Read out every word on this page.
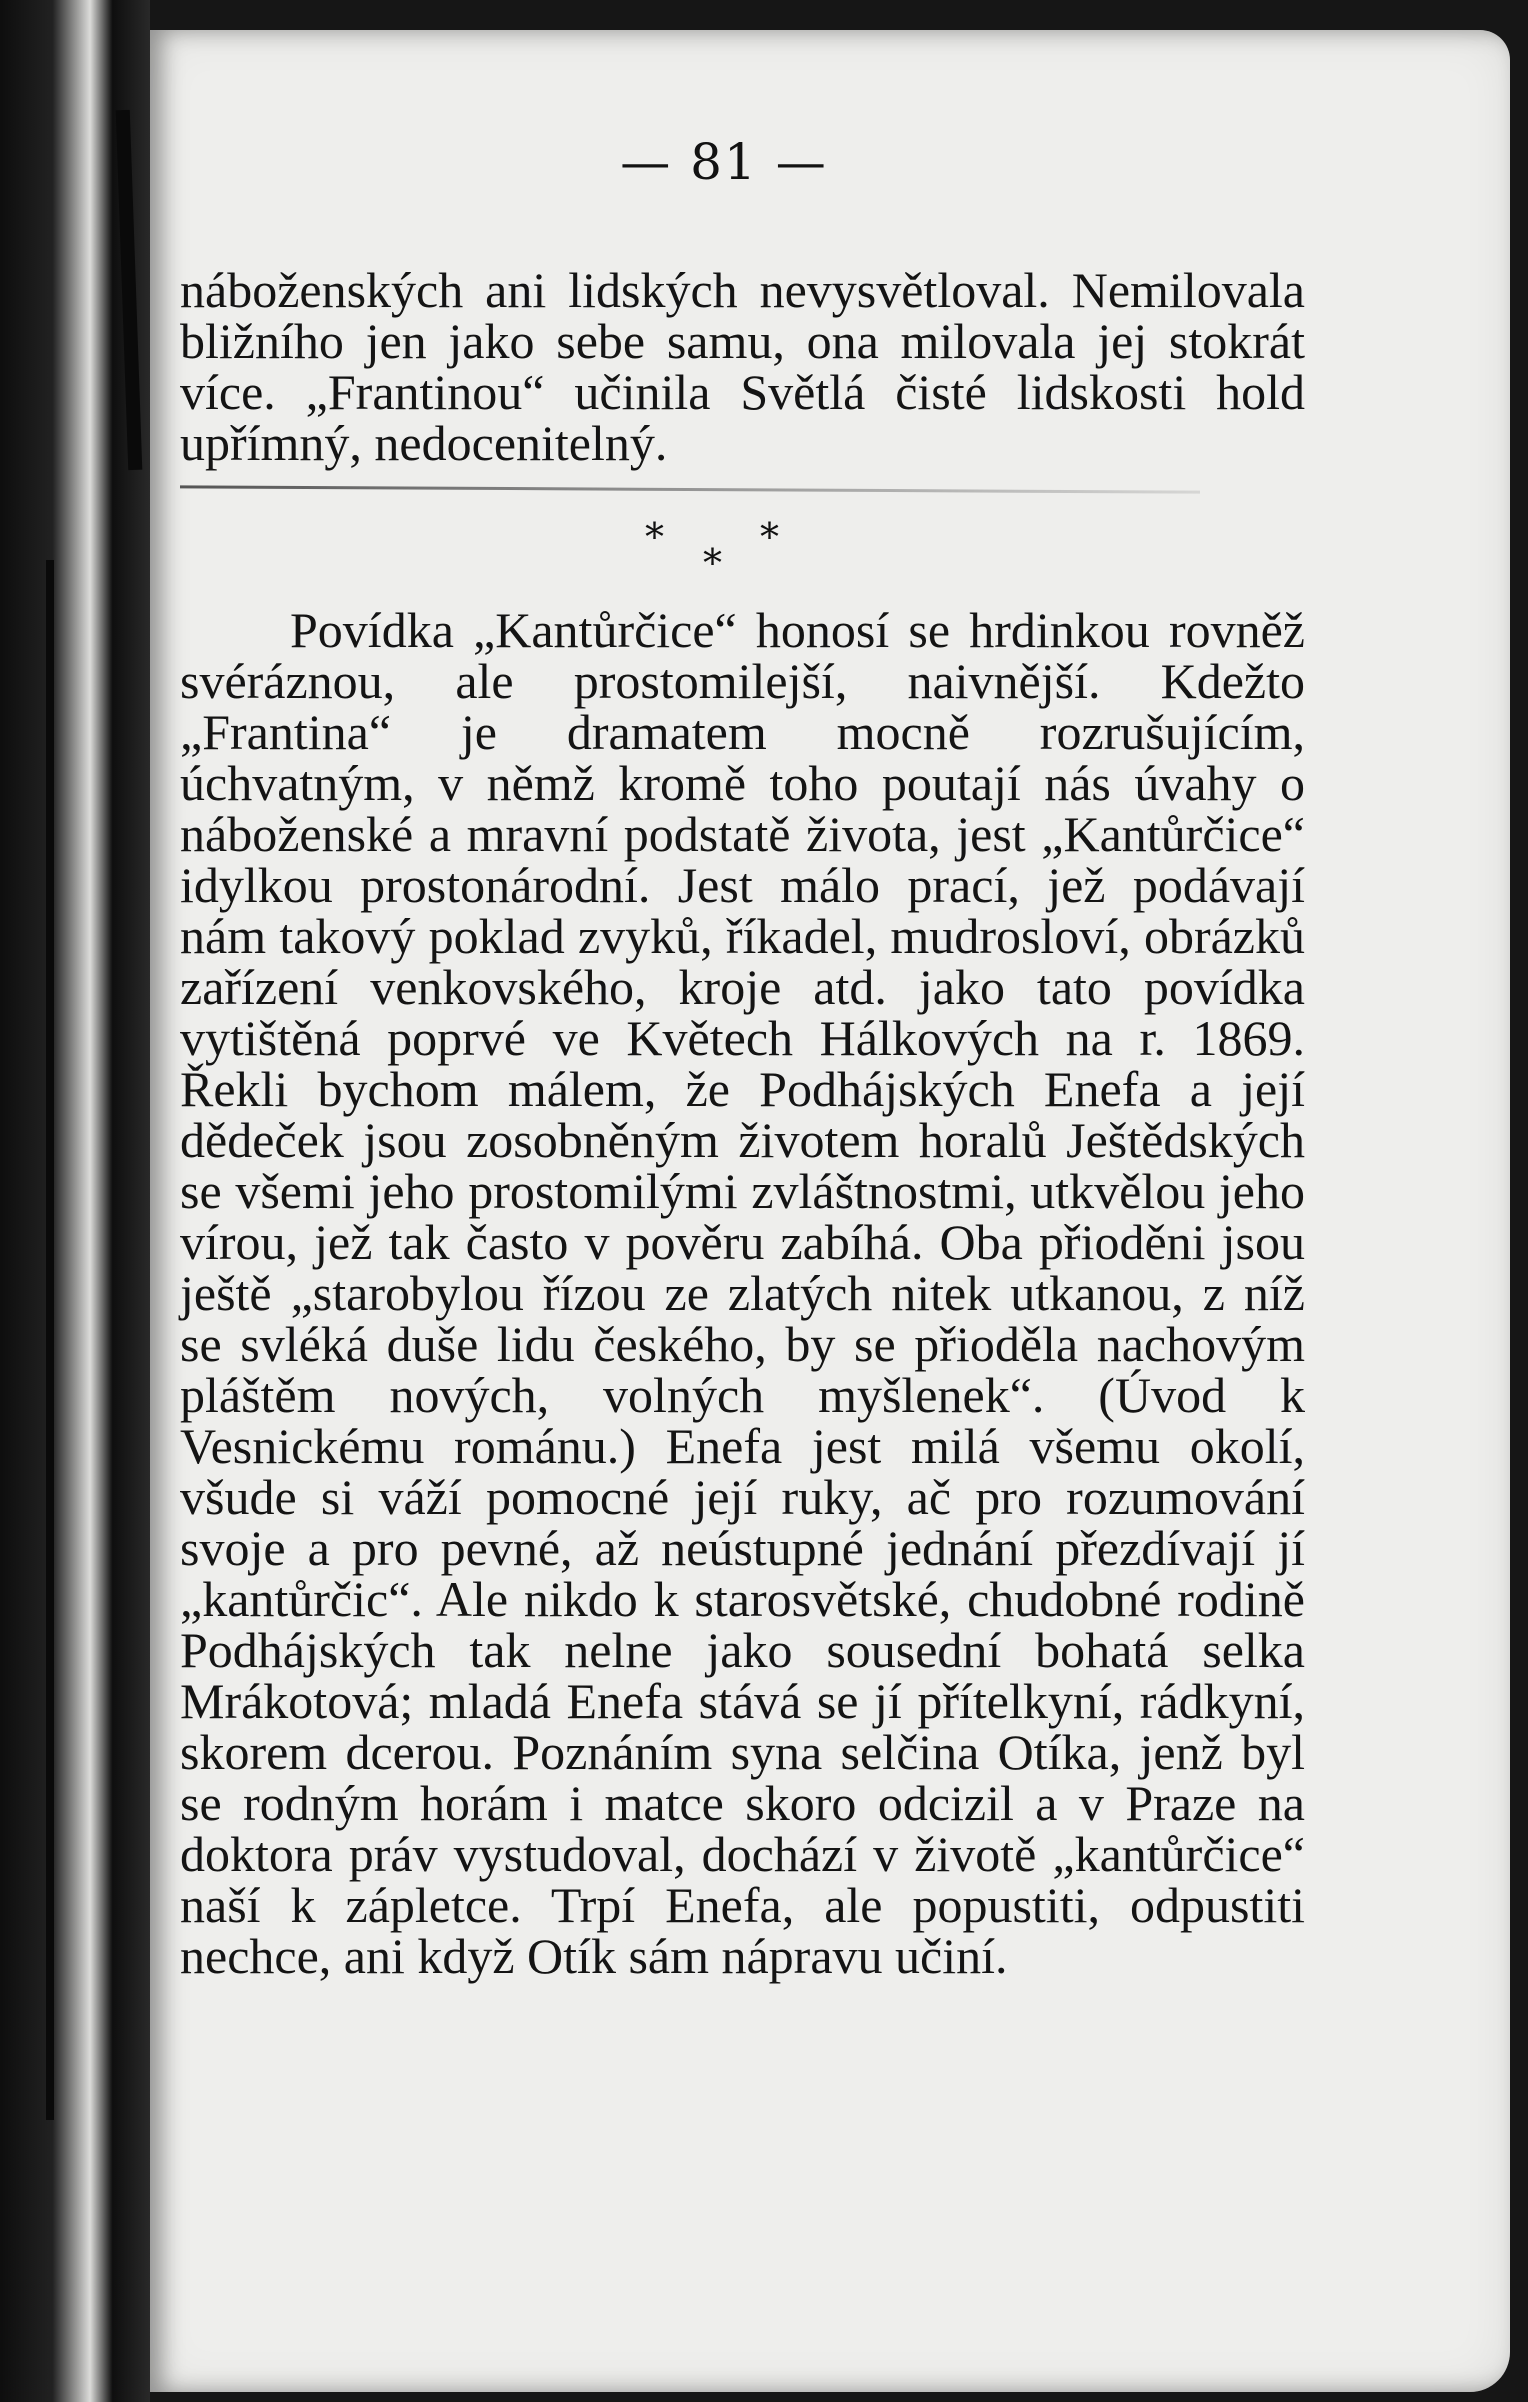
— 81 —
náboženských ani lidských nevysvětloval. Nemilovala bližního jen jako sebe samu, ona milovala jej stokrát více. „Frantinou“ učinila Světlá čisté lidskosti hold upřímný, nedocenitelný.
*	*
*
Povídka „Kantůrčice“ honosí se hrdinkou rovněž svéráznou, ale prostomilejší, naivnější. Kdežto „Frantina“ je dramatem mocně rozrušujícím, úchvatným, v němž kromě toho poutají nás úvahy o náboženské a mravní podstatě života, jest „Kantůrčice“ idylkou prostonárodní. Jest málo prací, jež podávají nám takový poklad zvyků, říkadel, mudrosloví, obrázků zařízení venkovského, kroje atd. jako tato povídka vytištěná poprvé ve Květech Hálkových na r. 1869. Řekli bychom málem, že Podhájských Enefa a její dědeček jsou zosobněným životem horalů Ještědských se všemi jeho prostomilými zvláštnostmi, utkvělou jeho vírou, jež tak často v pověru zabíhá. Oba přioděni jsou ještě „starobylou řízou ze zlatých nitek utkanou, z níž se svléká duše lidu českého, by se přioděla nachovým pláštěm nových, volných myšlenek“. (Úvod k Vesnickému románu.) Enefa jest milá všemu okolí, všude si váží pomocné její ruky, ač pro rozumování svoje a pro pevné, až neústupné jednání přezdívají jí „kantůrčic“. Ale nikdo k starosvětské, chudobné rodině Podhájských tak nelne jako sousední bohatá selka Mrákotová; mladá Enefa stává se jí přítelkyní, rádkyní, skorem dcerou. Poznáním syna selčina Otíka, jenž byl se rodným horám i matce skoro odcizil a v Praze na doktora práv vystudoval, dochází v životě „kantůrčice“ naší k zápletce. Trpí Enefa, ale popustiti, odpustiti nechce, ani když Otík sám nápravu učiní.
